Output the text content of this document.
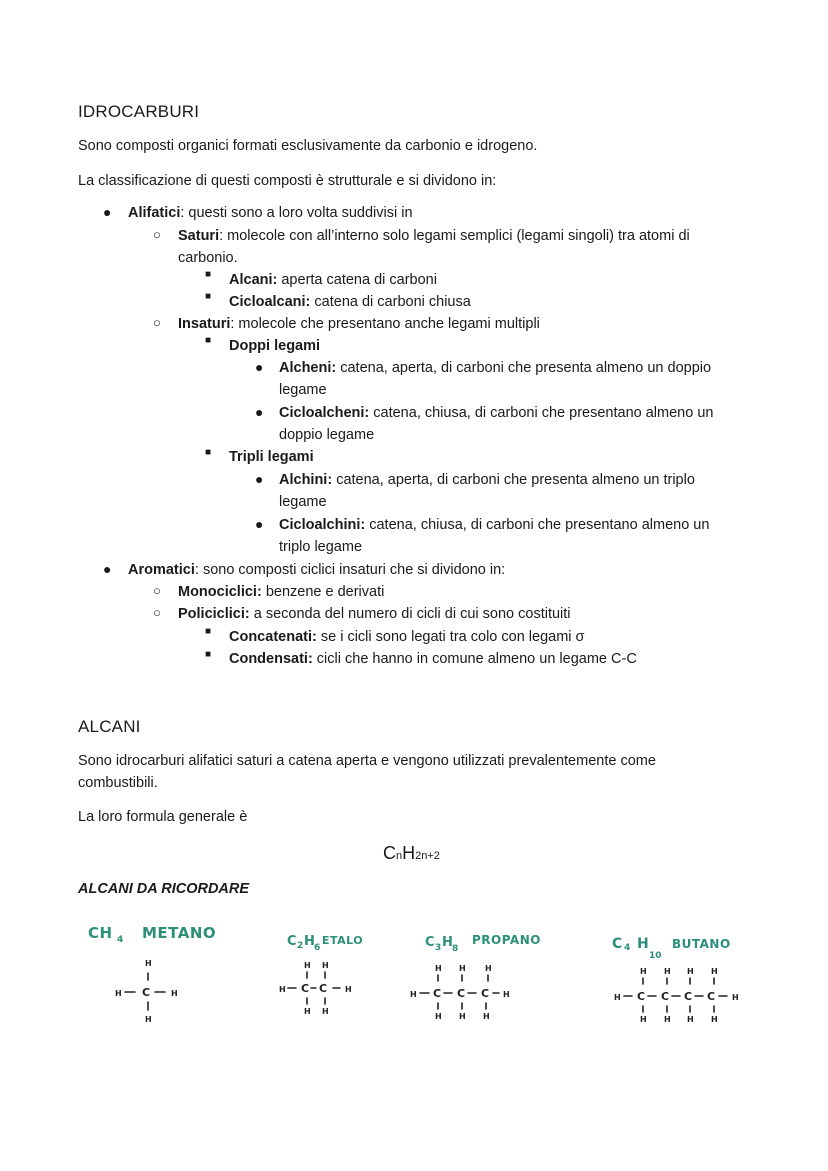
IDROCARBURI
Sono composti organici formati esclusivamente da carbonio e idrogeno.
La classificazione di questi composti è strutturale e si dividono in:
● Alifatici: questi sono a loro volta suddivisi in
○ Saturi: molecole con all’interno solo legami semplici (legami singoli) tra atomi di
carbonio.
■ Alcani: aperta catena di carboni
■ Cicloalcani: catena di carboni chiusa
○ Insaturi: molecole che presentano anche legami multipli
■ Doppi legami
● Alcheni: catena, aperta, di carboni che presenta almeno un doppio
legame
● Cicloalcheni: catena, chiusa, di carboni che presentano almeno un
doppio legame
■ Tripli legami
● Alchini: catena, aperta, di carboni che presenta almeno un triplo
legame
● Cicloalchini: catena, chiusa, di carboni che presentano almeno un
triplo legame
● Aromatici: sono composti ciclici insaturi che si dividono in:
○ Monociclici: benzene e derivati
○ Policiclici: a seconda del numero di cicli di cui sono costituiti
■ Concatenati: se i cicli sono legati tra colo con legami σ
■ Condensati: cicli che hanno in comune almeno un legame C-C
ALCANI
Sono idrocarburi alifatici saturi a catena aperta e vengono utilizzati prevalentemente come
combustibili.
La loro formula generale è
CnH2n+2
ALCANI DA RICORDARE
CH 4 METANO
H
H C	H
H
C 2 H
6
ETALO
H H
H C C H
H H
C 3 H
8
PROPANO
H H H
H C C C H
H H H
C 4 H
10
BUTANO
H H H H
H C C C C H
H H H H
